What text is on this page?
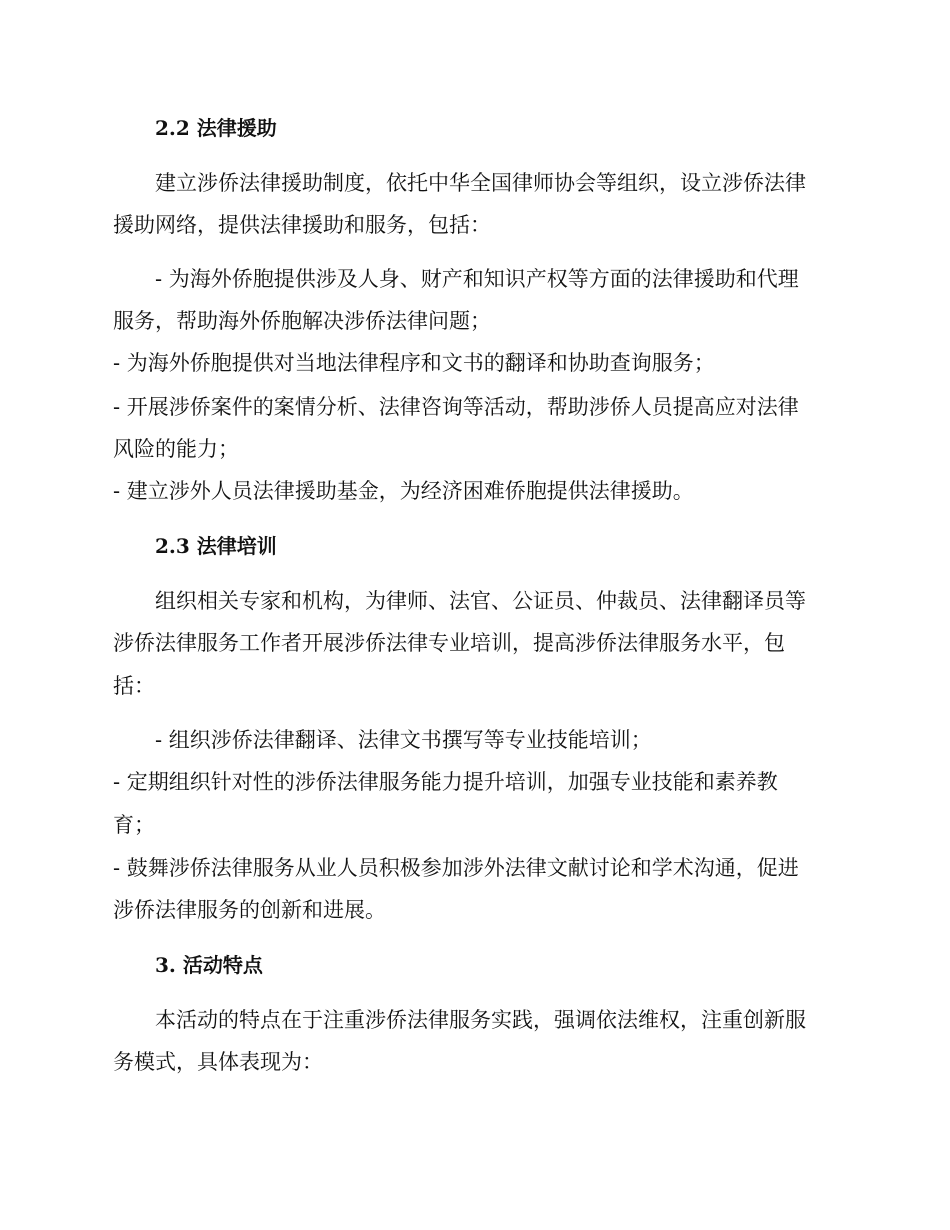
2.2 法律援助
建立涉侨法律援助制度，依托中华全国律师协会等组织，设立涉侨法律
援助网络，提供法律援助和服务，包括：
- 为海外侨胞提供涉及人身、财产和知识产权等方面的法律援助和代理
服务，帮助海外侨胞解决涉侨法律问题；
- 为海外侨胞提供对当地法律程序和文书的翻译和协助查询服务；
- 开展涉侨案件的案情分析、法律咨询等活动，帮助涉侨人员提高应对法律
风险的能力；
- 建立涉外人员法律援助基金，为经济困难侨胞提供法律援助。
2.3 法律培训
组织相关专家和机构，为律师、法官、公证员、仲裁员、法律翻译员等
涉侨法律服务工作者开展涉侨法律专业培训，提高涉侨法律服务水平，包
括：
- 组织涉侨法律翻译、法律文书撰写等专业技能培训；
- 定期组织针对性的涉侨法律服务能力提升培训，加强专业技能和素养教
育；
- 鼓舞涉侨法律服务从业人员积极参加涉外法律文献讨论和学术沟通，促进
涉侨法律服务的创新和进展。
3. 活动特点
本活动的特点在于注重涉侨法律服务实践，强调依法维权，注重创新服
务模式，具体表现为：
